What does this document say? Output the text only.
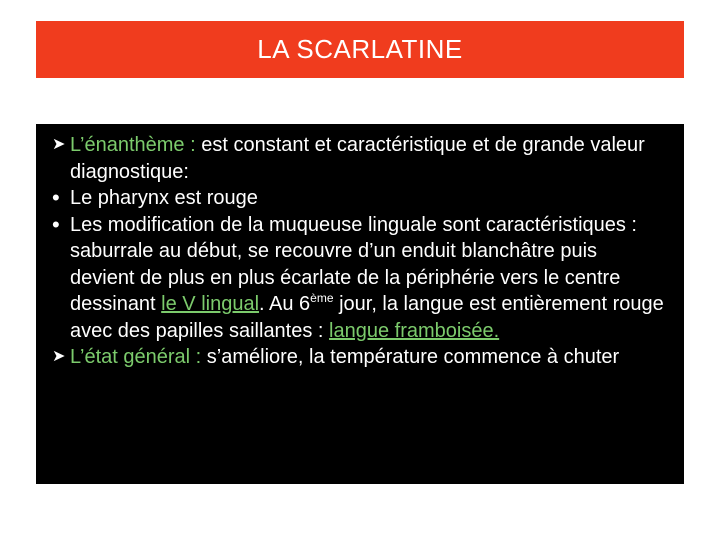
LA SCARLATINE
➤ L’énanthème : est constant et caractéristique et de grande valeur diagnostique:
• Le pharynx est rouge
• Les modification de la muqueuse linguale sont caractéristiques : saburrale au début, se recouvre d’un enduit blanchâtre puis devient de plus en plus écarlate de la périphérie vers le centre dessinant le V lingual. Au 6ème jour, la langue est entièrement rouge avec des papilles saillantes : langue framboisée.
➤ L’état général : s’améliore, la température commence à chuter
